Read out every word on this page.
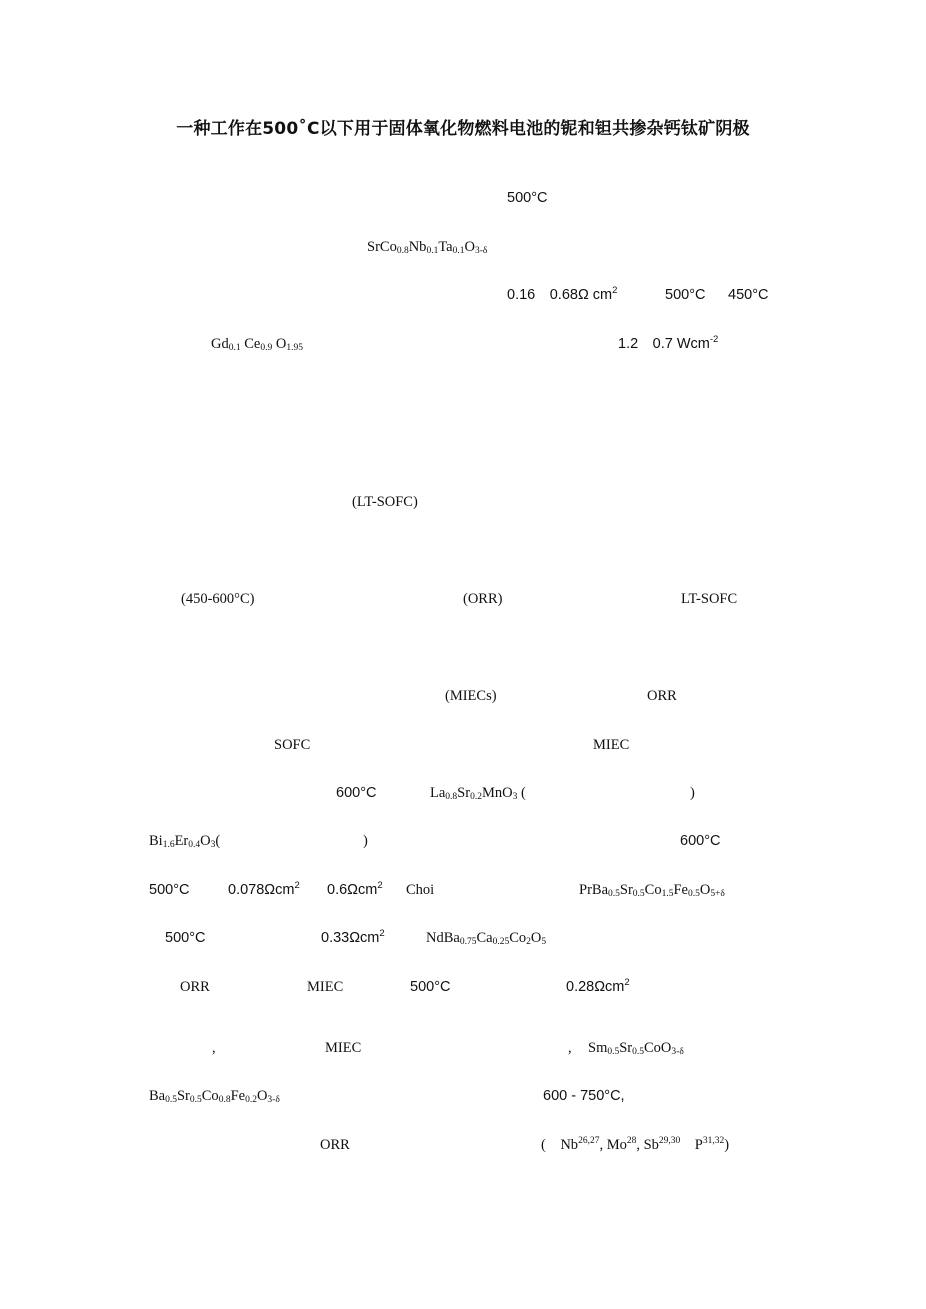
一种工作在500˚C以下用于固体氧化物燃料电池的铌和钽共掺杂钙钛矿阴极
500°C
$SrCo_{0.8}Nb_{0.1}Ta_{0.1}O_{3-\delta}$
0.16　0.68Ω $cm^2$	500°C 450°C
$Gd_{0.1}$ $Ce_{0.9}$ $O_{1.95}$	1.2　0.7 Wcm$^{-2}$
(LT-SOFC)
(450-600°C)	(ORR)	LT-SOFC
(MIECs)	ORR
SOFC	MIEC
600°C	$La_{0.8}Sr_{0.2}MnO_3$ (	)
$Bi_{1.6}Er_{0.4}O_3$(	)	600°C
500°C	0.078Ωcm$^2$ 0.6Ωcm$^2$ Choi	$PrBa_{0.5}Sr_{0.5}Co_{1.5}Fe_{0.5}O_{5+\delta}$
500°C	0.33Ωcm$^2$	$NdBa_{0.75}Ca_{0.25}Co_2O_5$
ORR	MIEC	500°C	0.28Ωcm$^2$
,	MIEC	, $Sm_{0.5}Sr_{0.5}CoO_{3-\delta}$
$Ba_{0.5}Sr_{0.5}Co_{0.8}Fe_{0.2}O_{3-\delta}$	600 - 750°C,
ORR	(　Nb$^{26,27}$, Mo$^{28}$, Sb$^{29,30}$　P$^{31,32}$)
